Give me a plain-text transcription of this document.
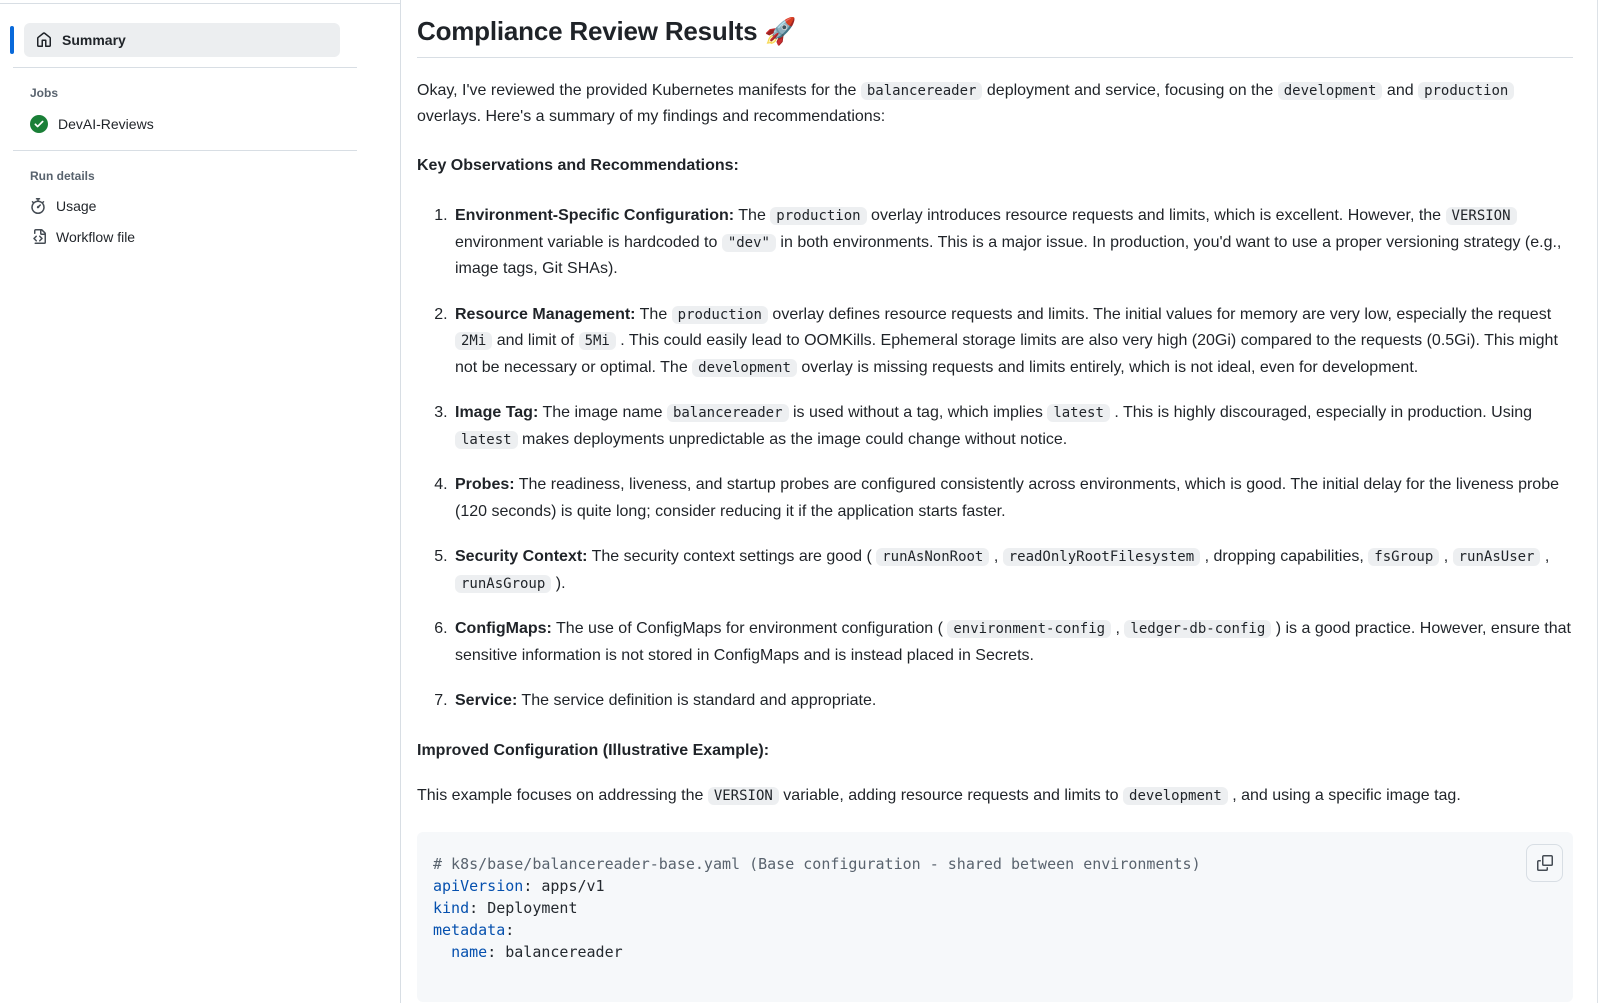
Summary
Jobs
DevAI-Reviews
Run details
Usage
Workflow file
Compliance Review Results 🚀

Okay, I've reviewed the provided Kubernetes manifests for the balancereader deployment and service, focusing on the development and production overlays. Here's a summary of my findings and recommendations:

Key Observations and Recommendations:
1. Environment-Specific Configuration: The production overlay introduces resource requests and limits, which is excellent. However, the VERSION environment variable is hardcoded to "dev" in both environments. This is a major issue. In production, you'd want to use a proper versioning strategy (e.g., image tags, Git SHAs).
2. Resource Management: The production overlay defines resource requests and limits. The initial values for memory are very low, especially the request 2Mi and limit of 5Mi . This could easily lead to OOMKills. Ephemeral storage limits are also very high (20Gi) compared to the requests (0.5Gi). This might not be necessary or optimal. The development overlay is missing requests and limits entirely, which is not ideal, even for development.
3. Image Tag: The image name balancereader is used without a tag, which implies latest . This is highly discouraged, especially in production. Using latest makes deployments unpredictable as the image could change without notice.
4. Probes: The readiness, liveness, and startup probes are configured consistently across environments, which is good. The initial delay for the liveness probe (120 seconds) is quite long; consider reducing it if the application starts faster.
5. Security Context: The security context settings are good ( runAsNonRoot , readOnlyRootFilesystem , dropping capabilities, fsGroup , runAsUser , runAsGroup ).
6. ConfigMaps: The use of ConfigMaps for environment configuration ( environment-config , ledger-db-config ) is a good practice. However, ensure that sensitive information is not stored in ConfigMaps and is instead placed in Secrets.
7. Service: The service definition is standard and appropriate.
Improved Configuration (Illustrative Example):

This example focuses on addressing the VERSION variable, adding resource requests and limits to development , and using a specific image tag.

# k8s/base/balancereader-base.yaml (Base configuration - shared between environments)
apiVersion: apps/v1
kind: Deployment
metadata:
name: balancereader
